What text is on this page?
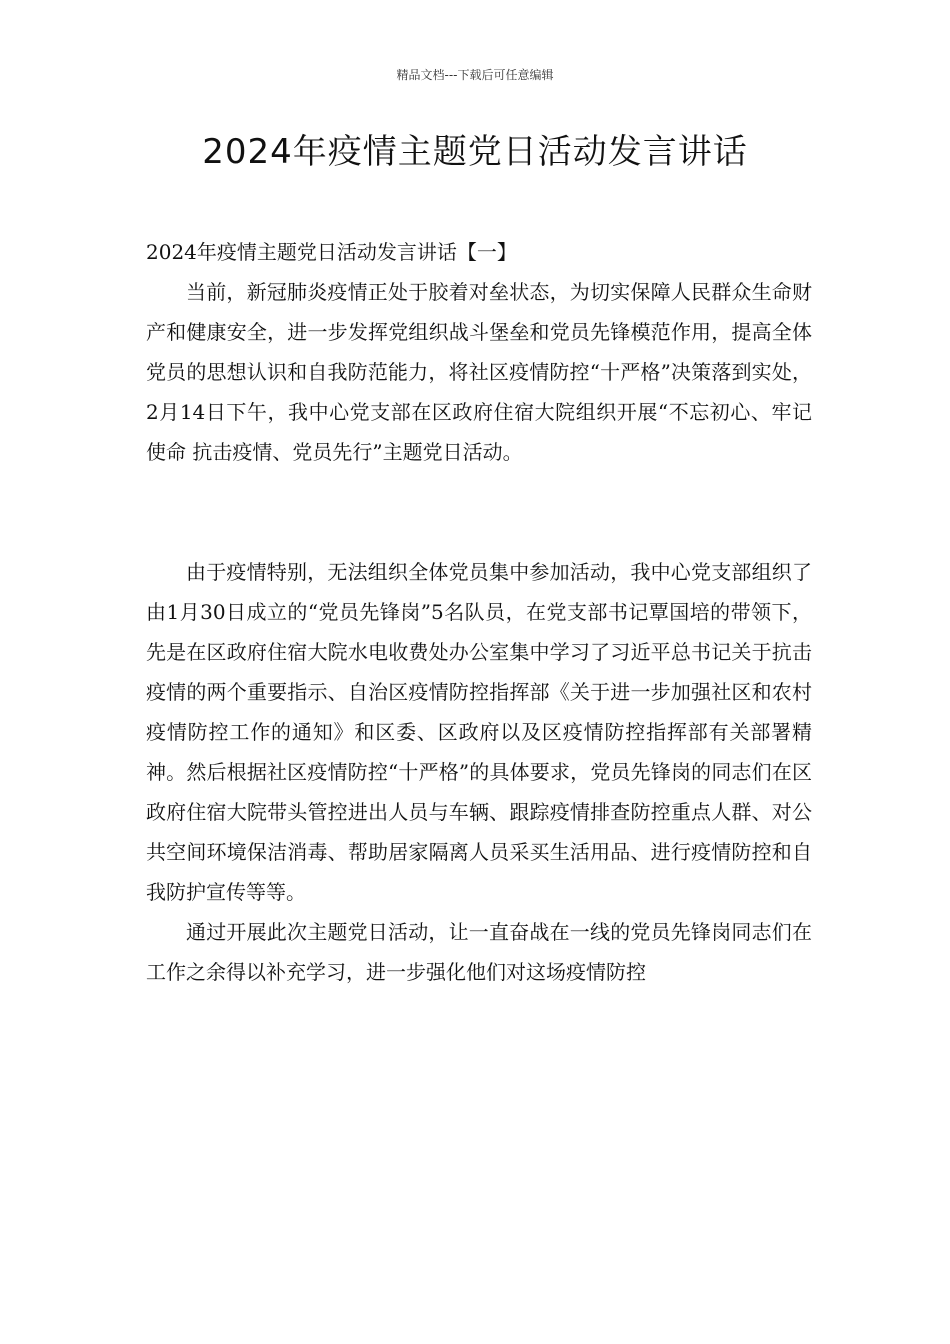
精品文档---下载后可任意编辑
2024年疫情主题党日活动发言讲话

2024年疫情主题党日活动发言讲话【一】

当前，新冠肺炎疫情正处于胶着对垒状态，为切实保障人民群众生命财产和健康安全，进一步发挥党组织战斗堡垒和党员先锋模范作用，提高全体党员的思想认识和自我防范能力，将社区疫情防控“十严格”决策落到实处，2月14日下午，我中心党支部在区政府住宿大院组织开展“不忘初心、牢记使命 抗击疫情、党员先行”主题党日活动。

由于疫情特别，无法组织全体党员集中参加活动，我中心党支部组织了由1月30日成立的“党员先锋岗”5名队员，在党支部书记覃国培的带领下，先是在区政府住宿大院水电收费处办公室集中学习了习近平总书记关于抗击疫情的两个重要指示、自治区疫情防控指挥部《关于进一步加强社区和农村疫情防控工作的通知》和区委、区政府以及区疫情防控指挥部有关部署精神。然后根据社区疫情防控“十严格”的具体要求，党员先锋岗的同志们在区政府住宿大院带头管控进出人员与车辆、跟踪疫情排查防控重点人群、对公共空间环境保洁消毒、帮助居家隔离人员采买生活用品、进行疫情防控和自我防护宣传等等。

通过开展此次主题党日活动，让一直奋战在一线的党员先锋岗同志们在工作之余得以补充学习，进一步强化他们对这场疫情防控
